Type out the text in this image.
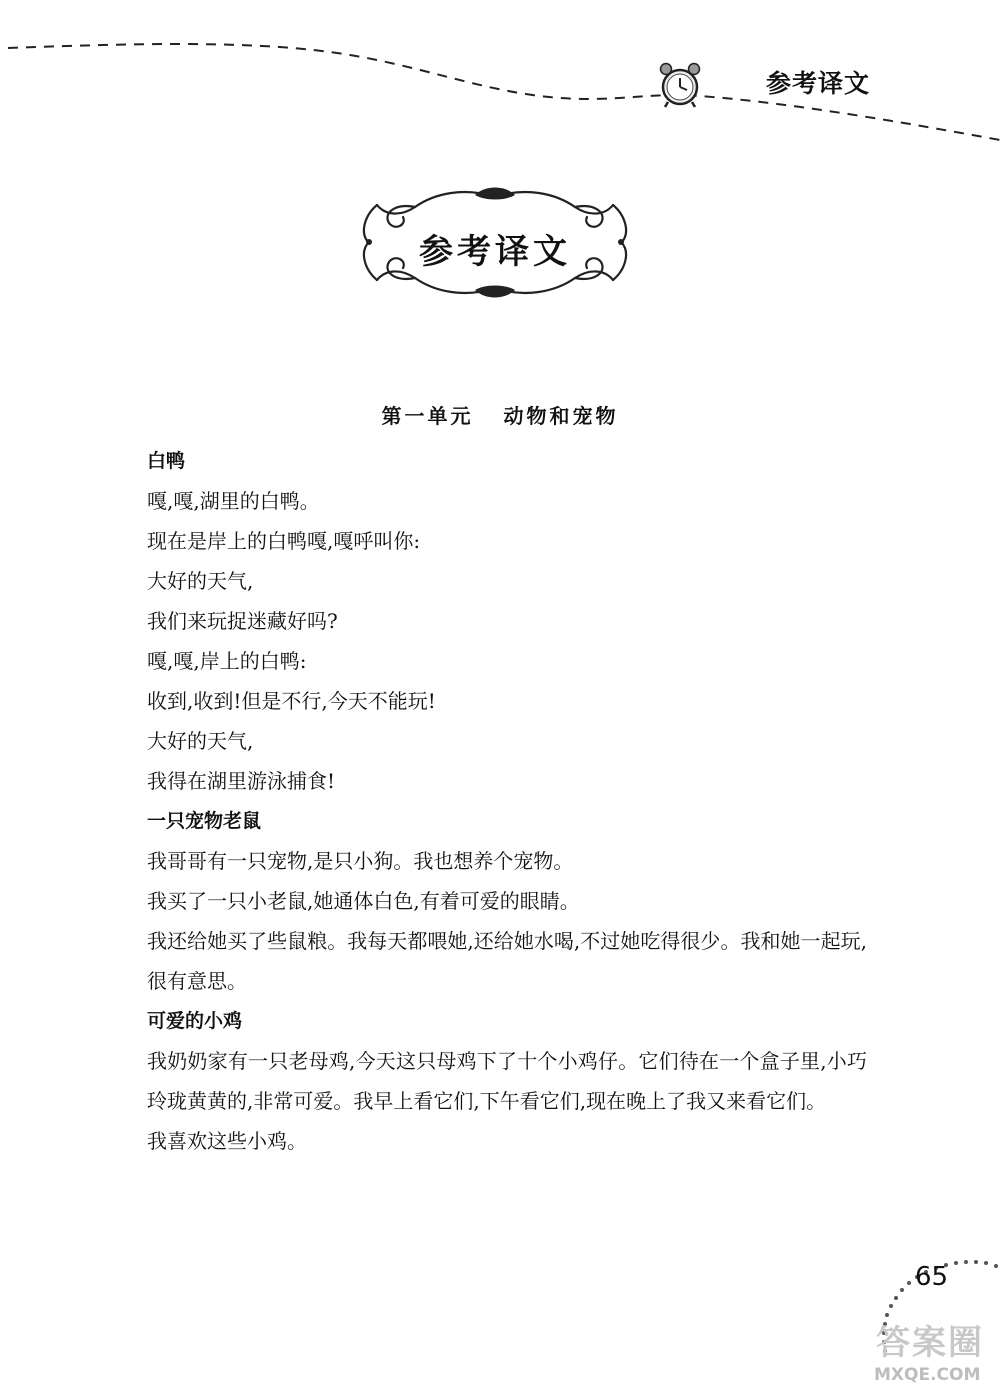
参考译文
参考译文
第一单元 动物和宠物

白鸭

嘎,嘎,湖里的白鸭。

现在是岸上的白鸭嘎,嘎呼叫你:

大好的天气,

我们来玩捉迷藏好吗?

嘎,嘎,岸上的白鸭:

收到,收到!但是不行,今天不能玩!

大好的天气,

我得在湖里游泳捕食!

一只宠物老鼠

我哥哥有一只宠物,是只小狗。我也想养个宠物。

我买了一只小老鼠,她通体白色,有着可爱的眼睛。

我还给她买了些鼠粮。我每天都喂她,还给她水喝,不过她吃得很少。我和她一起玩,很有意思。

可爱的小鸡

我奶奶家有一只老母鸡,今天这只母鸡下了十个小鸡仔。它们待在一个盒子里,小巧玲珑黄黄的,非常可爱。我早上看它们,下午看它们,现在晚上了我又来看它们。

我喜欢这些小鸡。

65
答案圈
MXQE.COM
